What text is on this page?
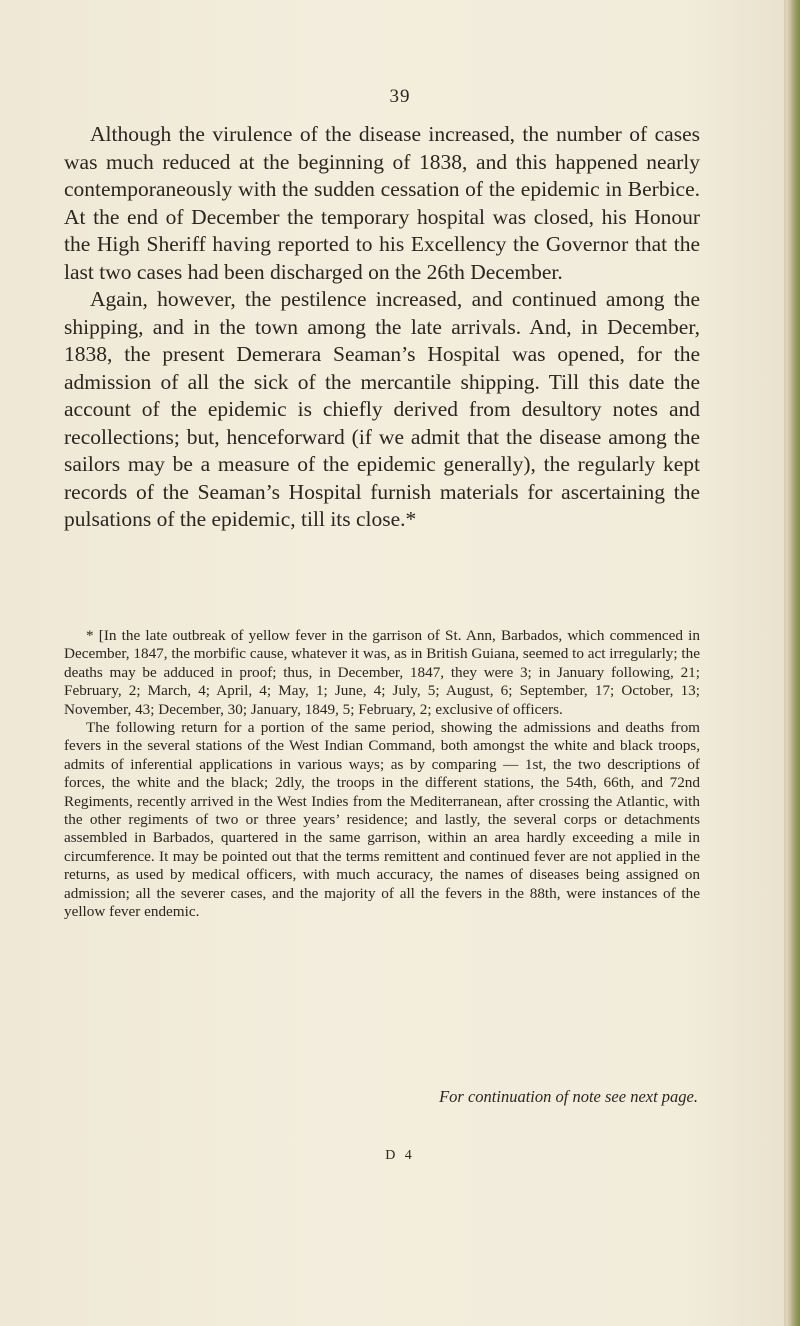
39

Although the virulence of the disease increased, the number of cases was much reduced at the beginning of 1838, and this happened nearly contemporaneously with the sudden cessation of the epidemic in Berbice. At the end of December the temporary hospital was closed, his Honour the High Sheriff having reported to his Excellency the Governor that the last two cases had been discharged on the 26th December.

Again, however, the pestilence increased, and continued among the shipping, and in the town among the late arrivals. And, in December, 1838, the present Demerara Seaman’s Hospital was opened, for the admission of all the sick of the mercantile shipping. Till this date the account of the epidemic is chiefly derived from desultory notes and recollections; but, henceforward (if we admit that the disease among the sailors may be a measure of the epidemic generally), the regularly kept records of the Seaman’s Hospital furnish materials for ascertaining the pulsations of the epidemic, till its close.*

* [In the late outbreak of yellow fever in the garrison of St. Ann, Barbados, which commenced in December, 1847, the morbific cause, whatever it was, as in British Guiana, seemed to act irregularly; the deaths may be adduced in proof; thus, in December, 1847, they were 3; in January following, 21; February, 2; March, 4; April, 4; May, 1; June, 4; July, 5; August, 6; September, 17; October, 13; November, 43; December, 30; January, 1849, 5; February, 2; exclusive of officers.

The following return for a portion of the same period, showing the admissions and deaths from fevers in the several stations of the West Indian Command, both amongst the white and black troops, admits of inferential applications in various ways; as by comparing — 1st, the two descriptions of forces, the white and the black; 2dly, the troops in the different stations, the 54th, 66th, and 72nd Regiments, recently arrived in the West Indies from the Mediterranean, after crossing the Atlantic, with the other regiments of two or three years’ residence; and lastly, the several corps or detachments assembled in Barbados, quartered in the same garrison, within an area hardly exceeding a mile in circumference. It may be pointed out that the terms remittent and continued fever are not applied in the returns, as used by medical officers, with much accuracy, the names of diseases being assigned on admission; all the severer cases, and the majority of all the fevers in the 88th, were instances of the yellow fever endemic.

For continuation of note see next page.
D 4
